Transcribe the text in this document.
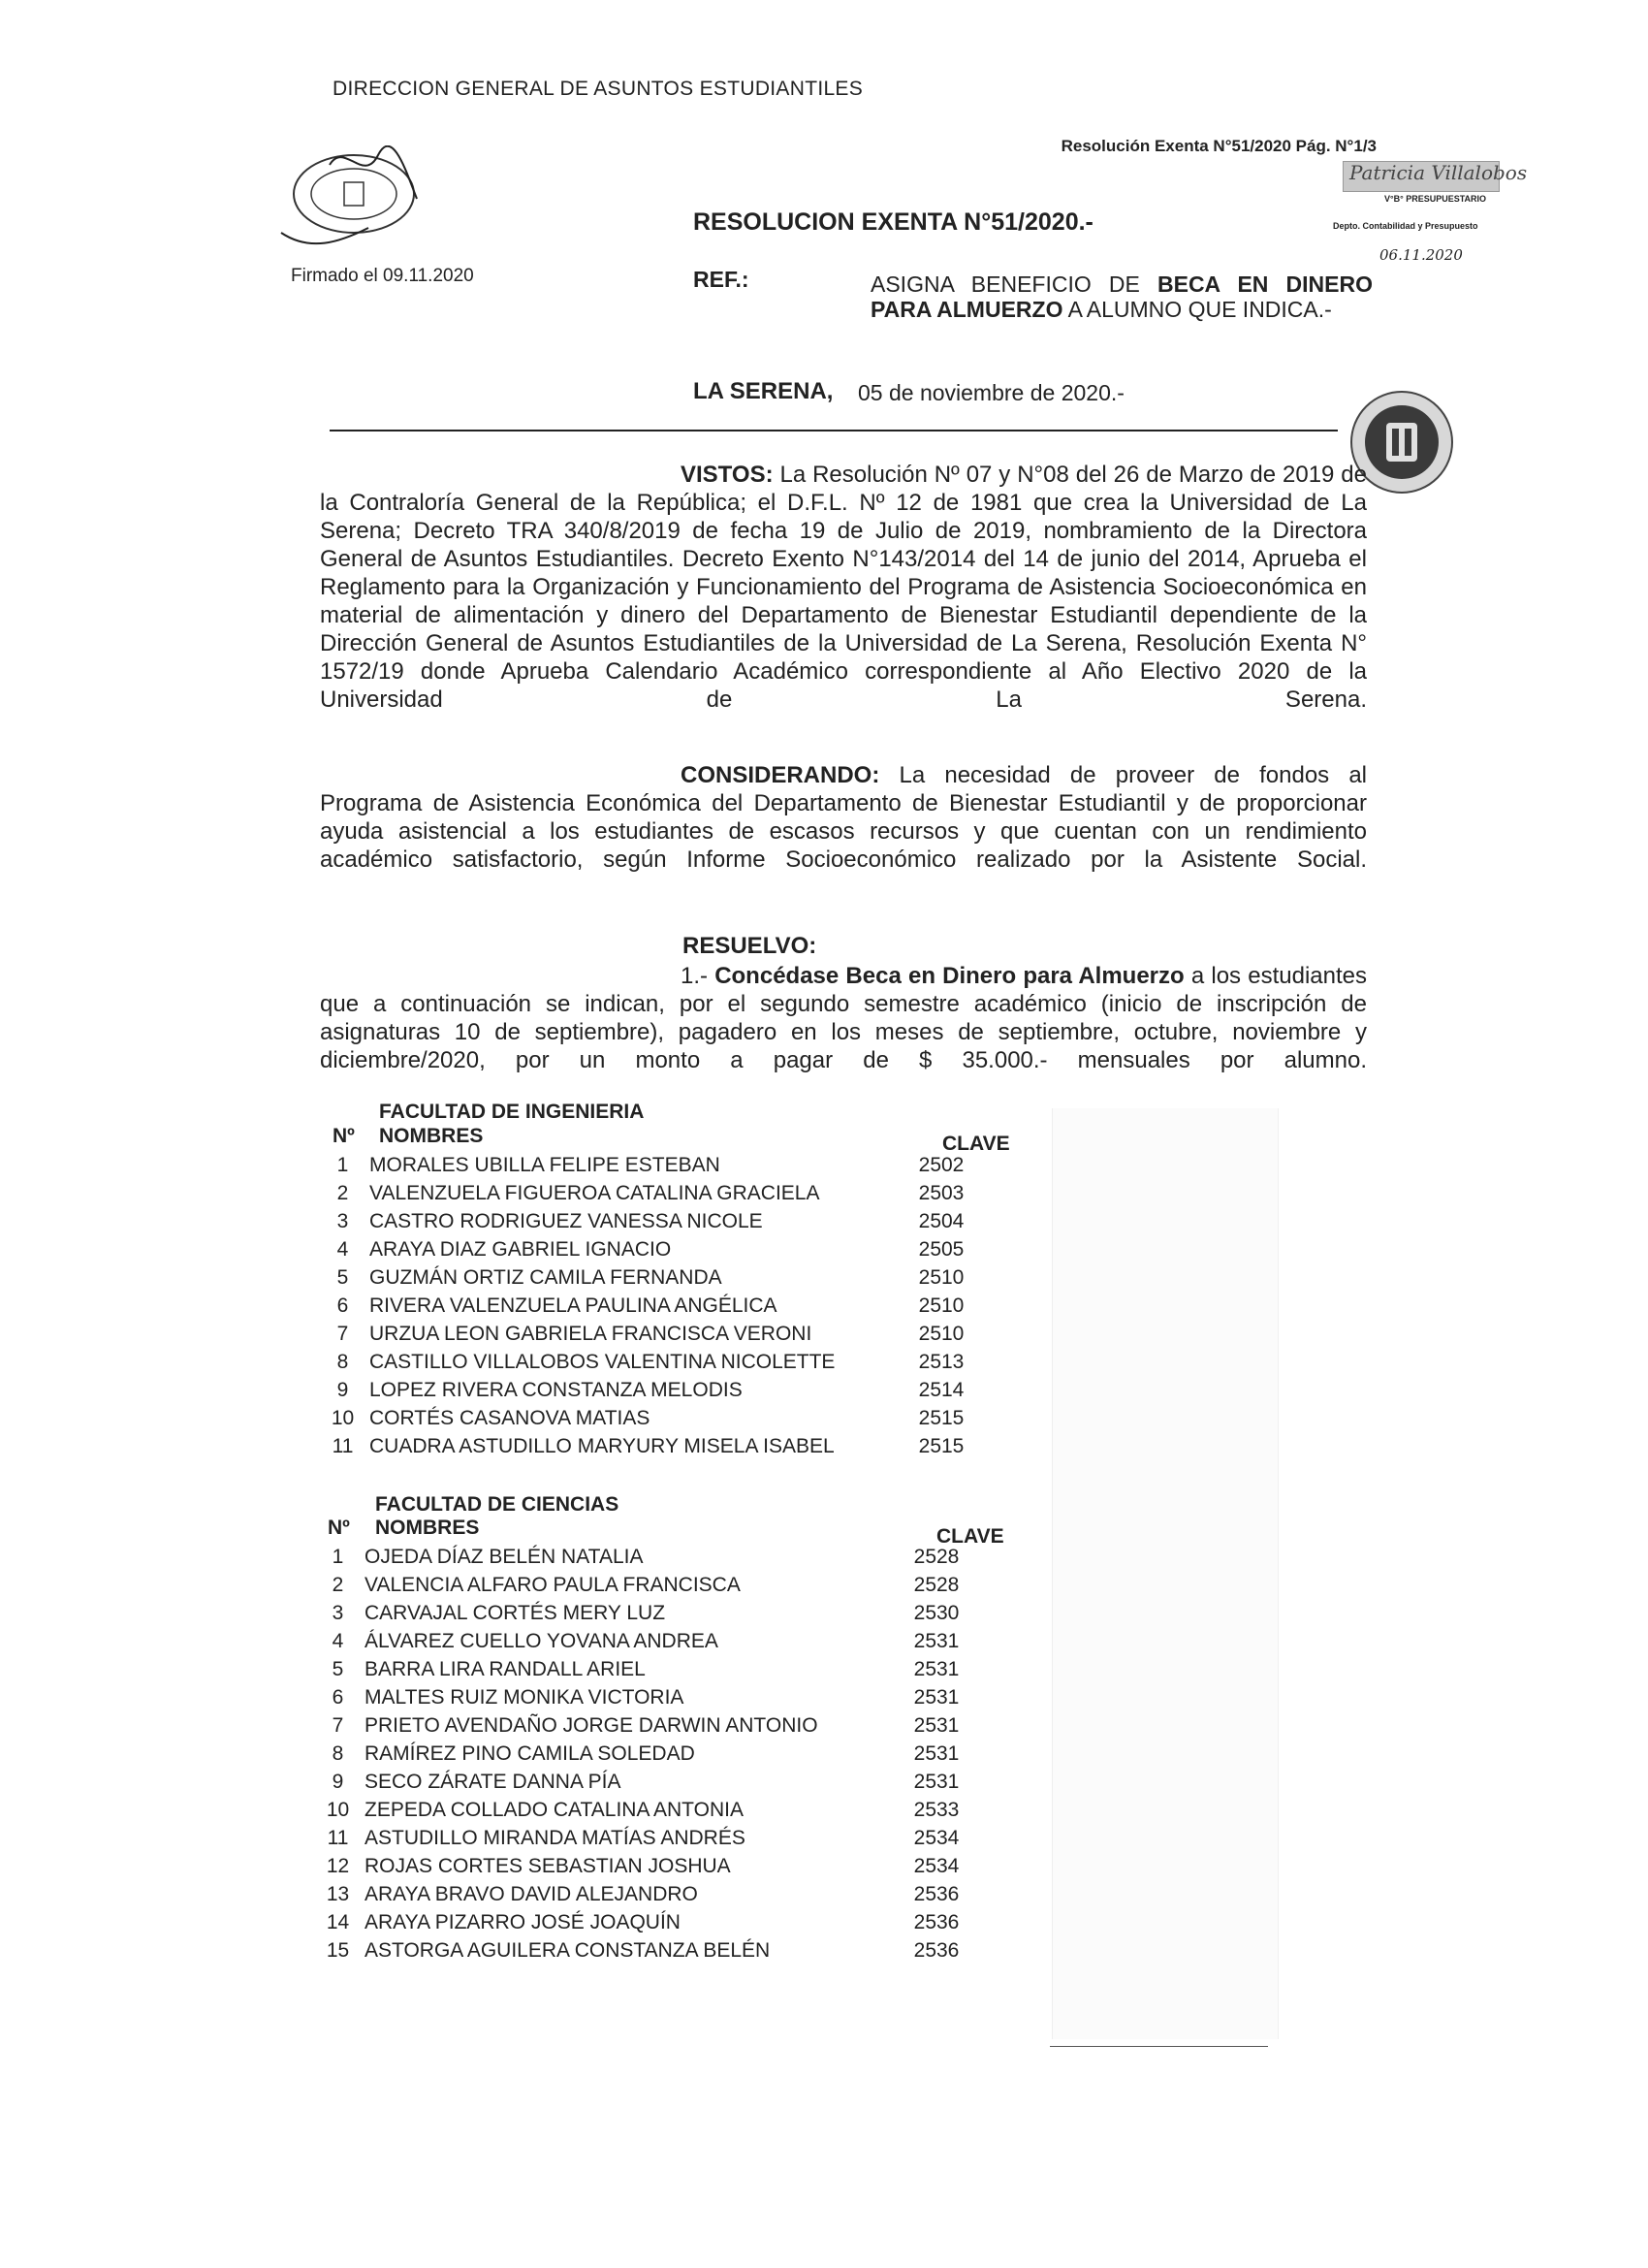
DIRECCION GENERAL DE ASUNTOS ESTUDIANTILES
Resolución Exenta N°51/2020 Pág. N°1/3
Patricia Villalobos
V°B° PRESUPUESTARIO
Depto. Contabilidad y Presupuesto
06.11.2020
Firmado el 09.11.2020
RESOLUCION EXENTA N°51/2020.-
REF.:	ASIGNA BENEFICIO DE BECA EN DINERO PARA ALMUERZO A ALUMNO QUE INDICA.-
LA SERENA, 05 de noviembre de 2020.-
VISTOS: La Resolución Nº 07 y N°08 del 26 de Marzo de 2019 de la Contraloría General de la República; el D.F.L. Nº 12 de 1981 que crea la Universidad de La Serena; Decreto TRA 340/8/2019 de fecha 19 de Julio de 2019, nombramiento de la Directora General de Asuntos Estudiantiles. Decreto Exento N°143/2014 del 14 de junio del 2014, Aprueba el Reglamento para la Organización y Funcionamiento del Programa de Asistencia Socioeconómica en material de alimentación y dinero del Departamento de Bienestar Estudiantil dependiente de la Dirección General de Asuntos Estudiantiles de la Universidad de La Serena, Resolución Exenta N° 1572/19 donde Aprueba Calendario Académico correspondiente al Año Electivo 2020 de la Universidad de La Serena.
CONSIDERANDO: La necesidad de proveer de fondos al Programa de Asistencia Económica del Departamento de Bienestar Estudiantil y de proporcionar ayuda asistencial a los estudiantes de escasos recursos y que cuentan con un rendimiento académico satisfactorio, según Informe Socioeconómico realizado por la Asistente Social.
RESUELVO:
1.- Concédase Beca en Dinero para Almuerzo a los estudiantes que a continuación se indican, por el segundo semestre académico (inicio de inscripción de asignaturas 10 de septiembre), pagadero en los meses de septiembre, octubre, noviembre y diciembre/2020, por un monto a pagar de $ 35.000.- mensuales por alumno.
FACULTAD DE INGENIERIA
Nº NOMBRES	CLAVE
1	MORALES UBILLA FELIPE ESTEBAN	2502
2	VALENZUELA FIGUEROA CATALINA GRACIELA	2503
3	CASTRO RODRIGUEZ VANESSA NICOLE	2504
4	ARAYA DIAZ GABRIEL IGNACIO	2505
5	GUZMÁN ORTIZ CAMILA FERNANDA	2510
6	RIVERA VALENZUELA PAULINA ANGÉLICA	2510
7	URZUA LEON GABRIELA FRANCISCA VERONI	2510
8	CASTILLO VILLALOBOS VALENTINA NICOLETTE	2513
9	LOPEZ RIVERA CONSTANZA MELODIS	2514
10	CORTÉS CASANOVA MATIAS	2515
11	CUADRA ASTUDILLO MARYURY MISELA ISABEL	2515
FACULTAD DE CIENCIAS
Nº NOMBRES	CLAVE
1	OJEDA DÍAZ BELÉN NATALIA	2528
2	VALENCIA ALFARO PAULA FRANCISCA	2528
3	CARVAJAL CORTÉS MERY LUZ	2530
4	ÁLVAREZ CUELLO YOVANA ANDREA	2531
5	BARRA LIRA RANDALL ARIEL	2531
6	MALTES RUIZ MONIKA VICTORIA	2531
7	PRIETO AVENDAÑO JORGE DARWIN ANTONIO	2531
8	RAMÍREZ PINO CAMILA SOLEDAD	2531
9	SECO ZÁRATE DANNA PÍA	2531
10	ZEPEDA COLLADO CATALINA ANTONIA	2533
11	ASTUDILLO MIRANDA MATÍAS ANDRÉS	2534
12	ROJAS CORTES SEBASTIAN JOSHUA	2534
13	ARAYA BRAVO DAVID ALEJANDRO	2536
14	ARAYA PIZARRO JOSÉ JOAQUÍN	2536
15	ASTORGA AGUILERA CONSTANZA BELÉN	2536
